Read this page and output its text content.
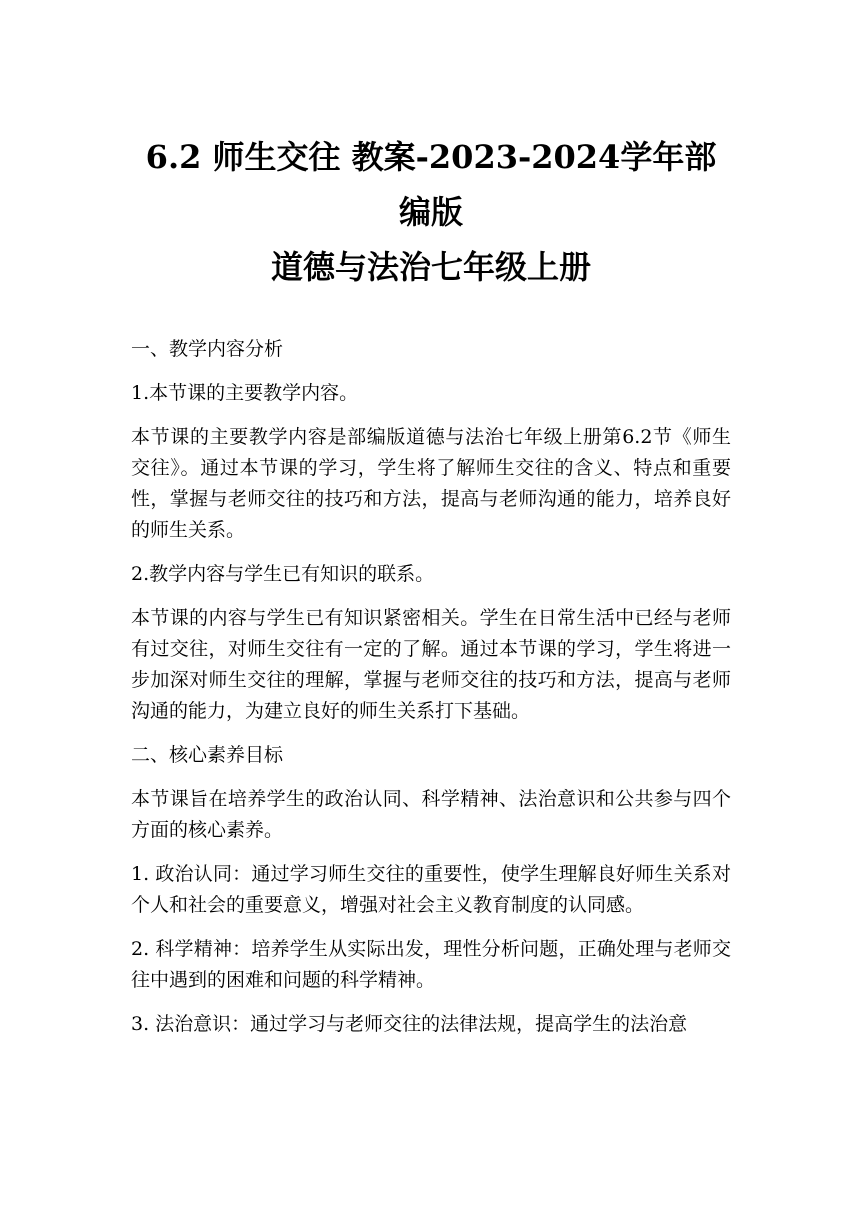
6.2 师生交往 教案-2023-2024学年部编版
道德与法治七年级上册

一、教学内容分析

1.本节课的主要教学内容。

本节课的主要教学内容是部编版道德与法治七年级上册第6.2节《师生交往》。通过本节课的学习，学生将了解师生交往的含义、特点和重要性，掌握与老师交往的技巧和方法，提高与老师沟通的能力，培养良好的师生关系。

2.教学内容与学生已有知识的联系。

本节课的内容与学生已有知识紧密相关。学生在日常生活中已经与老师有过交往，对师生交往有一定的了解。通过本节课的学习，学生将进一步加深对师生交往的理解，掌握与老师交往的技巧和方法，提高与老师沟通的能力，为建立良好的师生关系打下基础。

二、核心素养目标

本节课旨在培养学生的政治认同、科学精神、法治意识和公共参与四个方面的核心素养。

1. 政治认同：通过学习师生交往的重要性，使学生理解良好师生关系对个人和社会的重要意义，增强对社会主义教育制度的认同感。

2. 科学精神：培养学生从实际出发，理性分析问题，正确处理与老师交往中遇到的困难和问题的科学精神。

3. 法治意识：通过学习与老师交往的法律法规，提高学生的法治意
